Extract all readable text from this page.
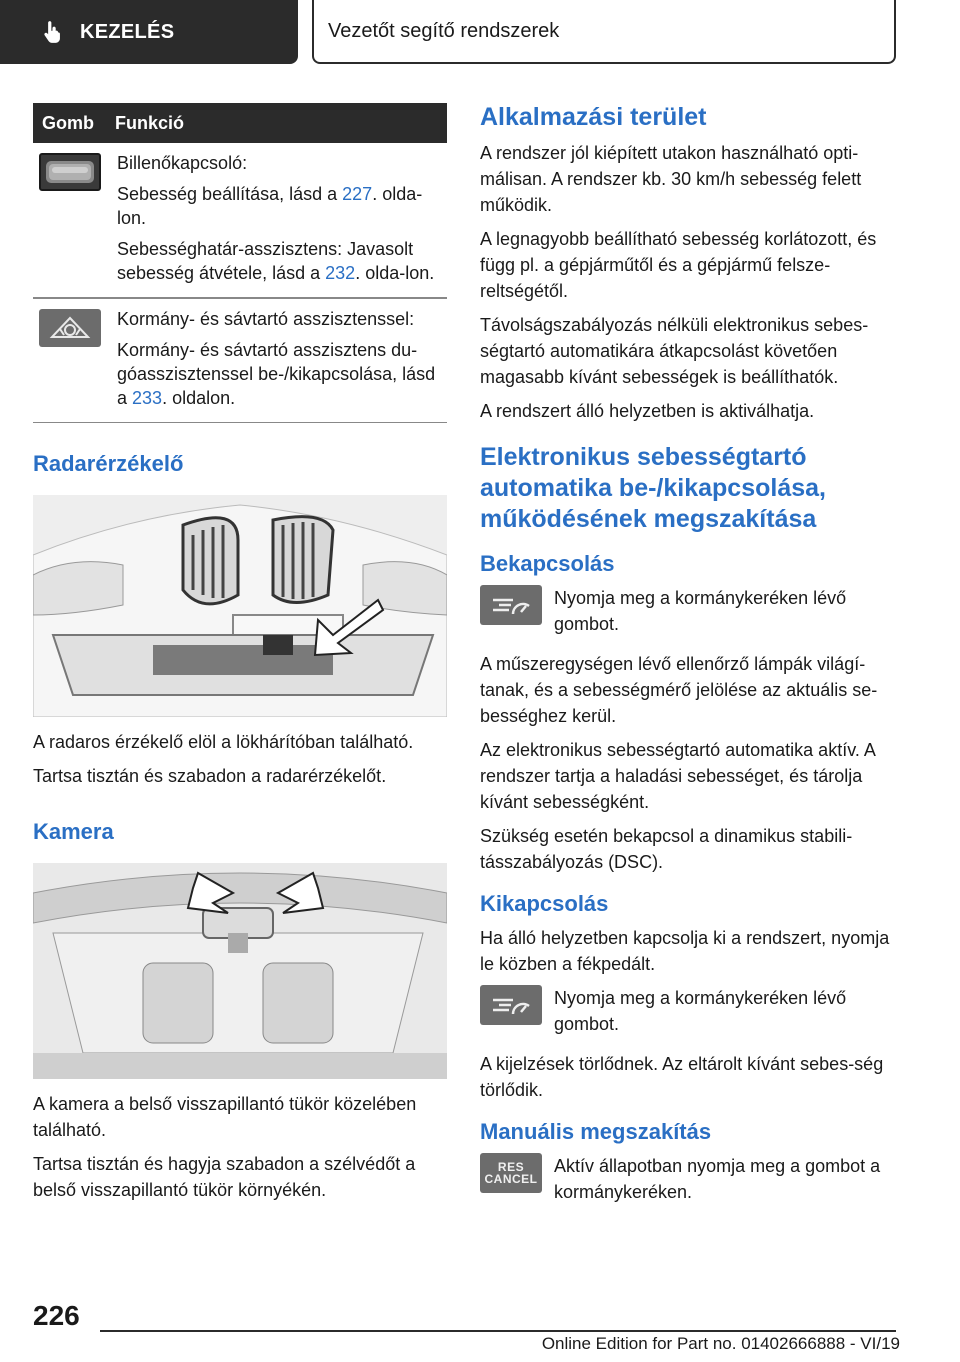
KEZELÉS	Vezetőt segítő rendszerek
Gomb	Funkció

Billenőkapcsoló:

Sebesség beállítása, lásd a 227. olda-lon.

Sebességhatár-asszisztens: Javasolt sebesség átvétele, lásd a 232. olda-lon.

Kormány- és sávtartó asszisztenssel:

Kormány- és sávtartó asszisztens du-góasszisztenssel be-/kikapcsolása, lásd a 233. oldalon.

Radarérzékelő

A radaros érzékelő elöl a lökhárítóban található.

Tartsa tisztán és szabadon a radarérzékelőt.

Kamera

A kamera a belső visszapillantó tükör közelében található.

Tartsa tisztán és hagyja szabadon a szélvédőt a belső visszapillantó tükör környékén.

Alkalmazási terület

A rendszer jól kiépített utakon használható opti-málisan. A rendszer kb. 30 km/h sebesség felett működik.

A legnagyobb beállítható sebesség korlátozott, és függ pl. a gépjárműtől és a gépjármű felsze-reltségétől.

Távolságszabályozás nélküli elektronikus sebes-ségtartó automatikára átkapcsolást követően magasabb kívánt sebességek is beállíthatók.

A rendszert álló helyzetben is aktiválhatja.

Elektronikus sebességtartó automatika be-/kikapcsolása, működésének megszakítása
Bekapcsolás

Nyomja meg a kormánykeréken lévő gombot.

A műszeregységen lévő ellenőrző lámpák világí-tanak, és a sebességmérő jelölése az aktuális se-bességhez kerül.

Az elektronikus sebességtartó automatika aktív. A rendszer tartja a haladási sebességet, és tárolja kívánt sebességként.

Szükség esetén bekapcsol a dinamikus stabili-tásszabályozás (DSC).

Kikapcsolás

Ha álló helyzetben kapcsolja ki a rendszert, nyomja le közben a fékpedált.

Nyomja meg a kormánykeréken lévő gombot.

A kijelzések törlődnek. Az eltárolt kívánt sebes-ség törlődik.

Manuális megszakítás
RES
CANCEL

Aktív állapotban nyomja meg a gombot a kormánykeréken.

226
Online Edition for Part no. 01402666888 - VI/19
